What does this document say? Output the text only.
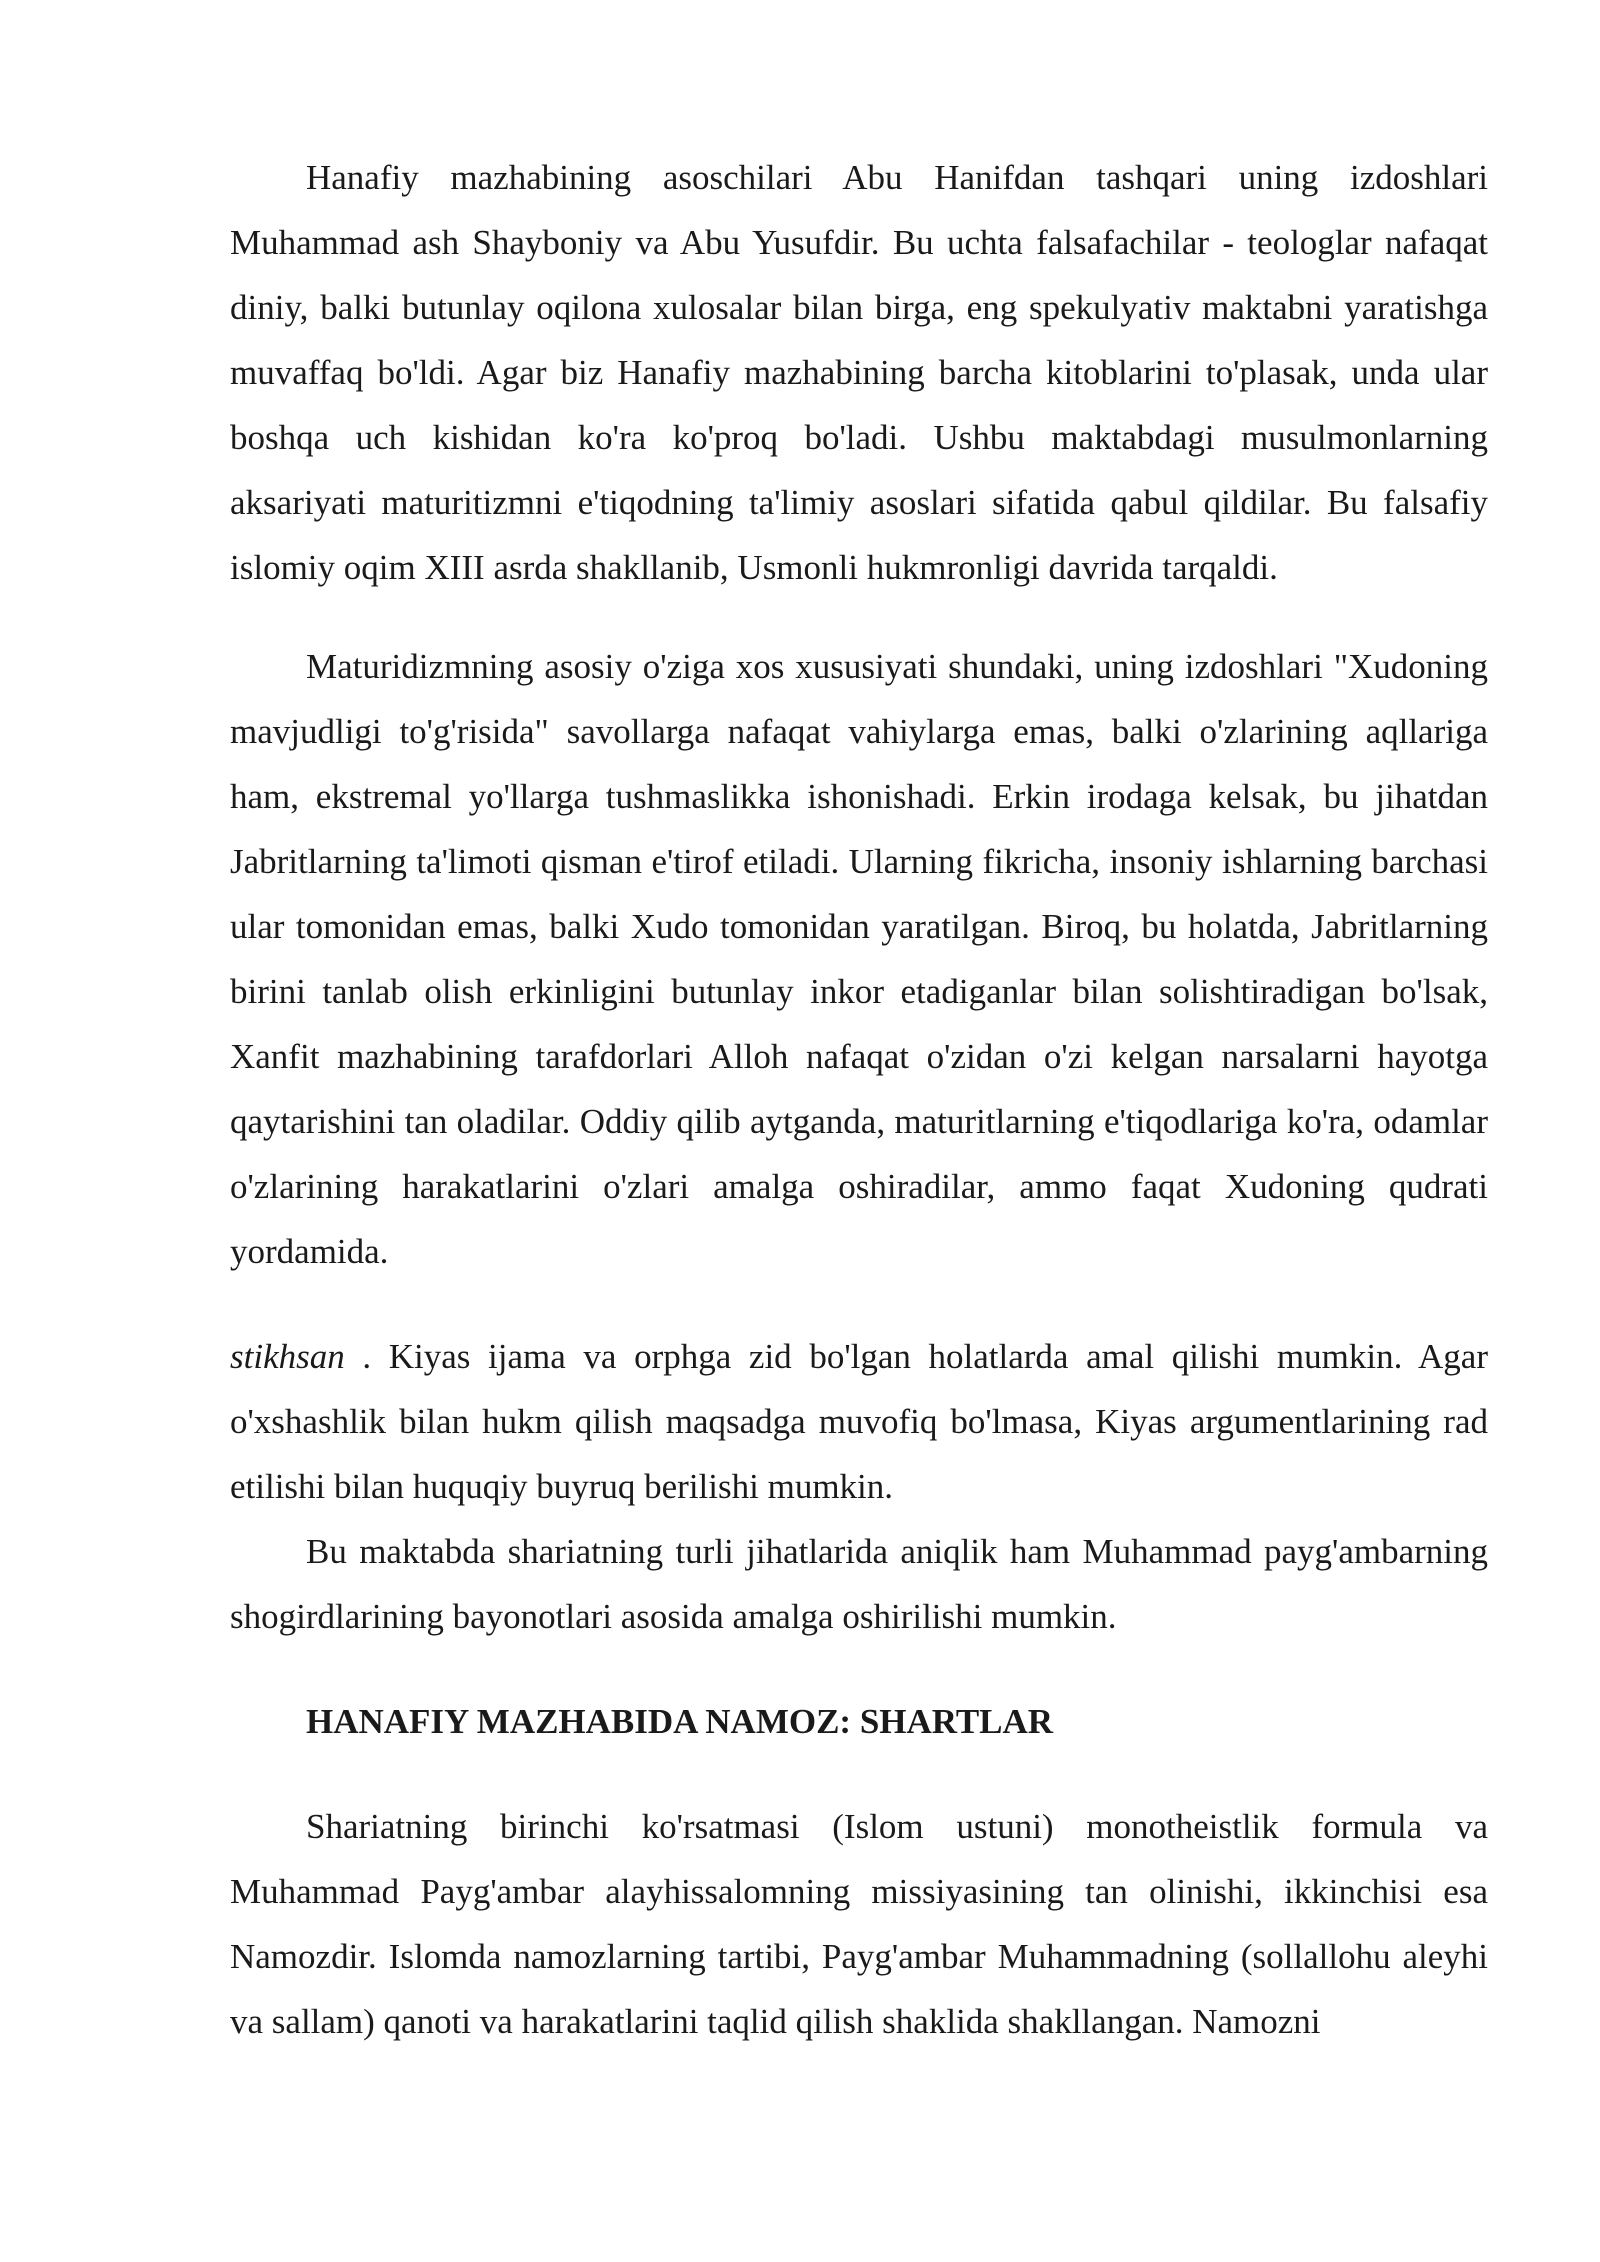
Hanafiy mazhabining asoschilari Abu Hanifdan tashqari uning izdoshlari Muhammad ash Shayboniy va Abu Yusufdir. Bu uchta falsafachilar - teologlar nafaqat diniy, balki butunlay oqilona xulosalar bilan birga, eng spekulyativ maktabni yaratishga muvaffaq bo'ldi. Agar biz Hanafiy mazhabining barcha kitoblarini to'plasak, unda ular boshqa uch kishidan ko'ra ko'proq bo'ladi. Ushbu maktabdagi musulmonlarning aksariyati maturitizmni e'tiqodning ta'limiy asoslari sifatida qabul qildilar. Bu falsafiy islomiy oqim XIII asrda shakllanib, Usmonli hukmronligi davrida tarqaldi.

Maturidizmning asosiy o'ziga xos xususiyati shundaki, uning izdoshlari "Xudoning mavjudligi to'g'risida" savollarga nafaqat vahiylarga emas, balki o'zlarining aqllariga ham, ekstremal yo'llarga tushmaslikka ishonishadi. Erkin irodaga kelsak, bu jihatdan Jabritlarning ta'limoti qisman e'tirof etiladi. Ularning fikricha, insoniy ishlarning barchasi ular tomonidan emas, balki Xudo tomonidan yaratilgan. Biroq, bu holatda, Jabritlarning birini tanlab olish erkinligini butunlay inkor etadiganlar bilan solishtiradigan bo'lsak, Xanfit mazhabining tarafdorlari Alloh nafaqat o'zidan o'zi kelgan narsalarni hayotga qaytarishini tan oladilar. Oddiy qilib aytganda, maturitlarning e'tiqodlariga ko'ra, odamlar o'zlarining harakatlarini o'zlari amalga oshiradilar, ammo faqat Xudoning qudrati yordamida.

stikhsan . Kiyas ijama va orphga zid bo'lgan holatlarda amal qilishi mumkin. Agar o'xshashlik bilan hukm qilish maqsadga muvofiq bo'lmasa, Kiyas argumentlarining rad etilishi bilan huquqiy buyruq berilishi mumkin.

Bu maktabda shariatning turli jihatlarida aniqlik ham Muhammad payg'ambarning shogirdlarining bayonotlari asosida amalga oshirilishi mumkin.

HANAFIY MAZHABIDA NAMOZ: SHARTLAR

Shariatning birinchi ko'rsatmasi (Islom ustuni) monotheistlik formula va Muhammad Payg'ambar alayhissalomning missiyasining tan olinishi, ikkinchisi esa Namozdir. Islomda namozlarning tartibi, Payg'ambar Muhammadning (sollallohu aleyhi va sallam) qanoti va harakatlarini taqlid qilish shaklida shakllangan. Namozni
